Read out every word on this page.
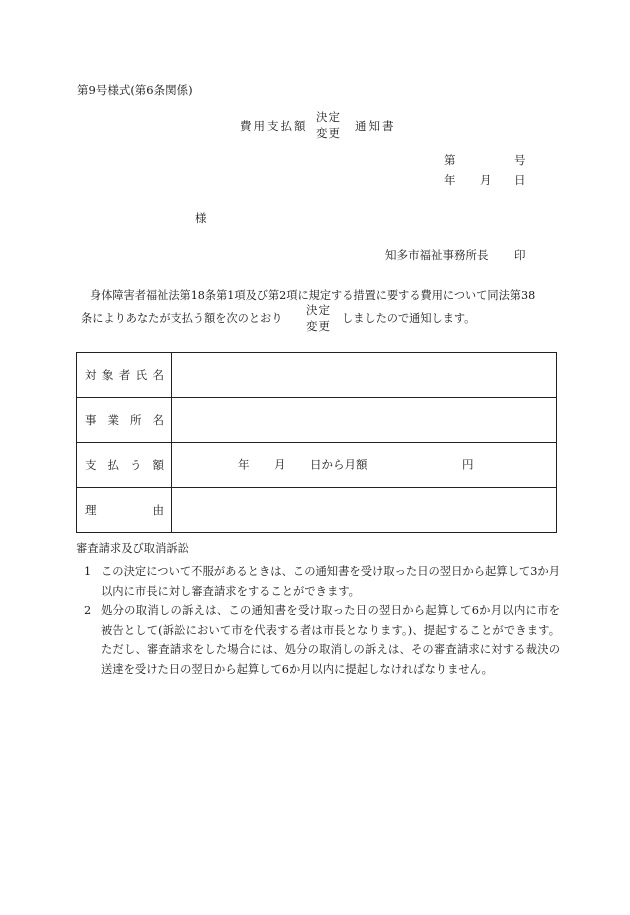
第9号様式(第6条関係)
費用支払額
決定
変更 通知書
第	号
年 月 日
様
知多市福祉事務所長 印
身体障害者福祉法第18条第1項及び第2項に規定する措置に要する費用について同法第38
条によりあなたが支払う額を次のとおり
決定
変更 しましたので通知します。
対 象 者 氏 名	

事 業 所 名	

支 払 う 額	年 月 日から月額 円

理 由	

審査請求及び取消訴訟
1 この決定について不服があるときは、この通知書を受け取った日の翌日から起算して3か月以内に市長に対し審査請求をすることができます。
2 処分の取消しの訴えは、この通知書を受け取った日の翌日から起算して6か月以内に市を被告として(訴訟において市を代表する者は市長となります。)、提起することができます。ただし、審査請求をした場合には、処分の取消しの訴えは、その審査請求に対する裁決の送達を受けた日の翌日から起算して6か月以内に提起しなければなりません。
